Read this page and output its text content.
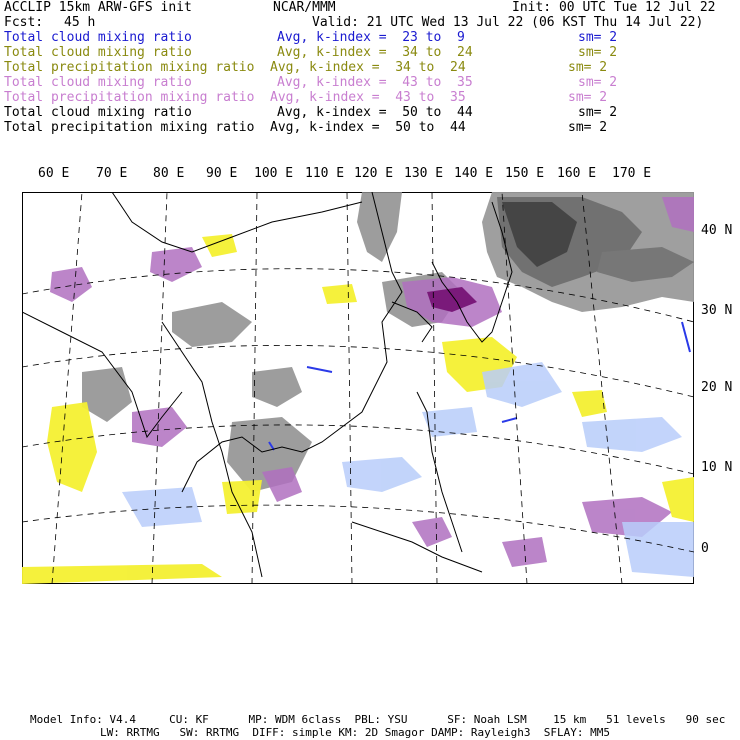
ACCLIP 15km ARW-GFS init	NCAR/MMM	Init: 00 UTC Tue 12 Jul 22
Fcst: 45 h	Valid: 21 UTC Wed 13 Jul 22 (06 KST Thu 14 Jul 22)
Total cloud mixing ratio	Avg, k-index =  23 to  9	sm= 2
Total cloud mixing ratio	Avg, k-index =  34 to  24	sm= 2
Total precipitation mixing ratio Avg, k-index =  34 to  24	sm= 2
Total cloud mixing ratio	Avg, k-index =  43 to  35	sm= 2
Total precipitation mixing ratio Avg, k-index =  43 to  35	sm= 2
Total cloud mixing ratio	Avg, k-index =  50 to  44	sm= 2
Total precipitation mixing ratio Avg, k-index =  50 to  44	sm= 2
60 E 70 E 80 E 90 E 100 E 110 E 120 E 130 E 140 E 150 E 160 E 170 E
40 N
30 N
20 N
10 N
0
Model Info: V4.4     CU: KF      MP: WDM 6class  PBL: YSU      SF: Noah LSM    15 km   51 levels   90 sec
LW: RRTMG   SW: RRTMG  DIFF: simple KM: 2D Smagor DAMP: Rayleigh3  SFLAY: MM5
